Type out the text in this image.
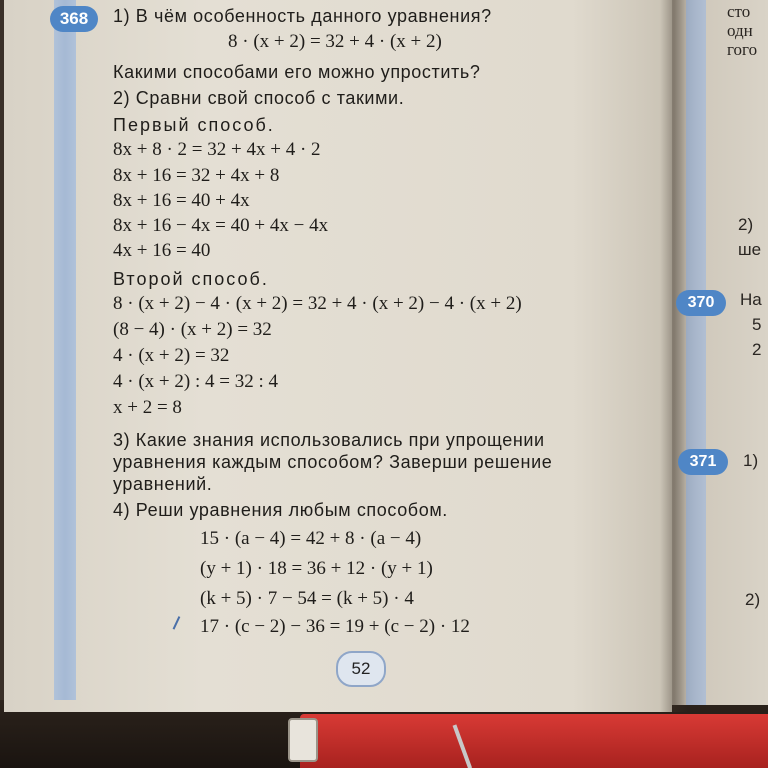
368	1) В чём особенность данного уравнения?
8 · (x + 2) = 32 + 4 · (x + 2)
Какими способами его можно упростить?
2) Сравни свой способ с такими.
Первый способ.
8x + 8 · 2 = 32 + 4x + 4 · 2
8x + 16 = 32 + 4x + 8
8x + 16 = 40 + 4x
8x + 16 − 4x = 40 + 4x − 4x
4x + 16 = 40
Второй способ.
8 · (x + 2) − 4 · (x + 2) = 32 + 4 · (x + 2) − 4 · (x + 2)
(8 − 4) · (x + 2) = 32
4 · (x + 2) = 32
4 · (x + 2) : 4 = 32 : 4
x + 2 = 8
3) Какие знания использовались при упрощении
уравнения каждым способом? Заверши решение
уравнений.
4) Реши уравнения любым способом.
15 · (a − 4) = 42 + 8 · (a − 4)
(y + 1) · 18 = 36 + 12 · (y + 1)
(k + 5) · 7 − 54 = (k + 5) · 4
17 · (c − 2) − 36 = 19 + (c − 2) · 12
52
сто
одн
гого
2)
ше
370	На
5
2
371	1)
2)
